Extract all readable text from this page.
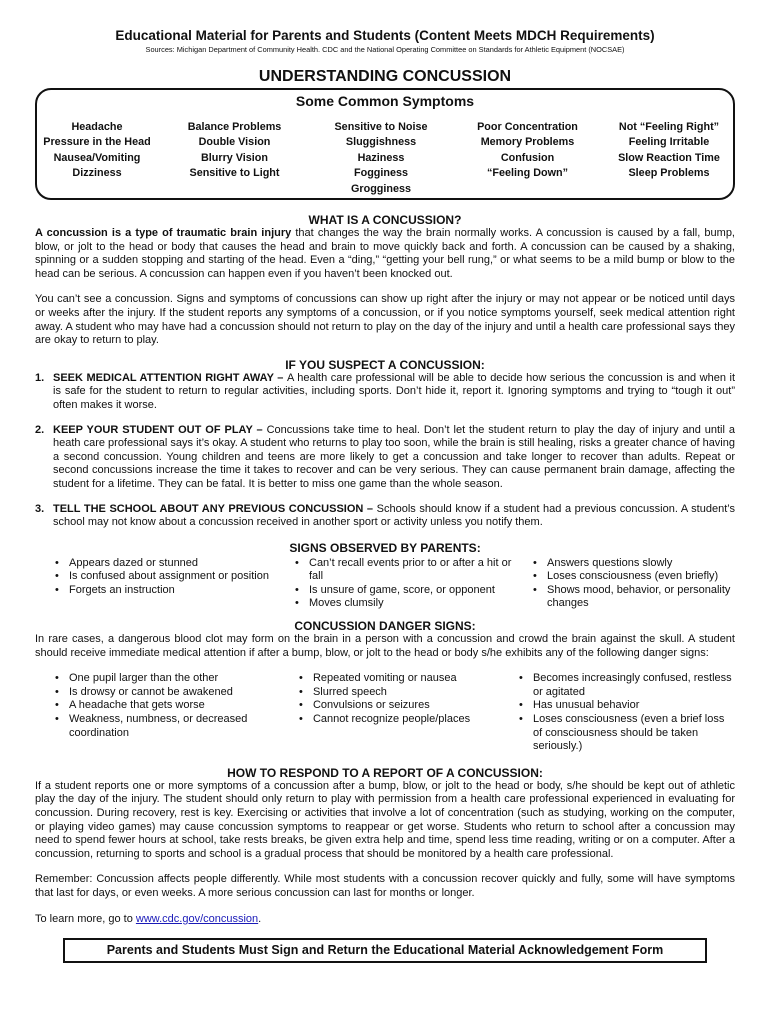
Educational Material for Parents and Students (Content Meets MDCH Requirements)
Sources: Michigan Department of Community Health. CDC and the National Operating Committee on Standards for Athletic Equipment (NOCSAE)
UNDERSTANDING CONCUSSION
Some Common Symptoms
Headache
Pressure in the Head
Nausea/Vomiting
Dizziness
Balance Problems
Double Vision
Blurry Vision
Sensitive to Light
Sensitive to Noise
Sluggishness
Haziness
Fogginess
Grogginess
Poor Concentration
Memory Problems
Confusion
“Feeling Down”
Not “Feeling Right”
Feeling Irritable
Slow Reaction Time
Sleep Problems
WHAT IS A CONCUSSION?

A concussion is a type of traumatic brain injury that changes the way the brain normally works. A concussion is caused by a fall, bump, blow, or jolt to the head or body that causes the head and brain to move quickly back and forth. A concussion can be caused by a shaking, spinning or a sudden stopping and starting of the head. Even a “ding,” “getting your bell rung,” or what seems to be a mild bump or blow to the head can be serious. A concussion can happen even if you haven’t been knocked out.

You can’t see a concussion. Signs and symptoms of concussions can show up right after the injury or may not appear or be noticed until days or weeks after the injury. If the student reports any symptoms of a concussion, or if you notice symptoms yourself, seek medical attention right away. A student who may have had a concussion should not return to play on the day of the injury and until a health care professional says they are okay to return to play.

IF YOU SUSPECT A CONCUSSION:
1. SEEK MEDICAL ATTENTION RIGHT AWAY – A health care professional will be able to decide how serious the concussion is and when it is safe for the student to return to regular activities, including sports. Don’t hide it, report it. Ignoring symptoms and trying to “tough it out” often makes it worse.
2. KEEP YOUR STUDENT OUT OF PLAY – Concussions take time to heal. Don’t let the student return to play the day of injury and until a heath care professional says it’s okay. A student who returns to play too soon, while the brain is still healing, risks a greater chance of having a second concussion. Young children and teens are more likely to get a concussion and take longer to recover than adults. Repeat or second concussions increase the time it takes to recover and can be very serious. They can cause permanent brain damage, affecting the student for a lifetime. They can be fatal. It is better to miss one game than the whole season.
3. TELL THE SCHOOL ABOUT ANY PREVIOUS CONCUSSION – Schools should know if a student had a previous concussion. A student’s school may not know about a concussion received in another sport or activity unless you notify them.
SIGNS OBSERVED BY PARENTS:
• Appears dazed or stunned
• Is confused about assignment or position
• Forgets an instruction
• Can’t recall events prior to or after a hit or fall
• Is unsure of game, score, or opponent
• Moves clumsily
• Answers questions slowly
• Loses consciousness (even briefly)
• Shows mood, behavior, or personality changes
CONCUSSION DANGER SIGNS:

In rare cases, a dangerous blood clot may form on the brain in a person with a concussion and crowd the brain against the skull. A student should receive immediate medical attention if after a bump, blow, or jolt to the head or body s/he exhibits any of the following danger signs:

• One pupil larger than the other
• Is drowsy or cannot be awakened
• A headache that gets worse
• Weakness, numbness, or decreased coordination
• Repeated vomiting or nausea
• Slurred speech
• Convulsions or seizures
• Cannot recognize people/places
• Becomes increasingly confused, restless or agitated
• Has unusual behavior
• Loses consciousness (even a brief loss of consciousness should be taken seriously.)
HOW TO RESPOND TO A REPORT OF A CONCUSSION:

If a student reports one or more symptoms of a concussion after a bump, blow, or jolt to the head or body, s/he should be kept out of athletic play the day of the injury. The student should only return to play with permission from a health care professional experienced in evaluating for concussion. During recovery, rest is key. Exercising or activities that involve a lot of concentration (such as studying, working on the computer, or playing video games) may cause concussion symptoms to reappear or get worse. Students who return to school after a concussion may need to spend fewer hours at school, take rests breaks, be given extra help and time, spend less time reading, writing or on a computer. After a concussion, returning to sports and school is a gradual process that should be monitored by a health care professional.

Remember: Concussion affects people differently. While most students with a concussion recover quickly and fully, some will have symptoms that last for days, or even weeks. A more serious concussion can last for months or longer.

To learn more, go to www.cdc.gov/concussion.

Parents and Students Must Sign and Return the Educational Material Acknowledgement Form
